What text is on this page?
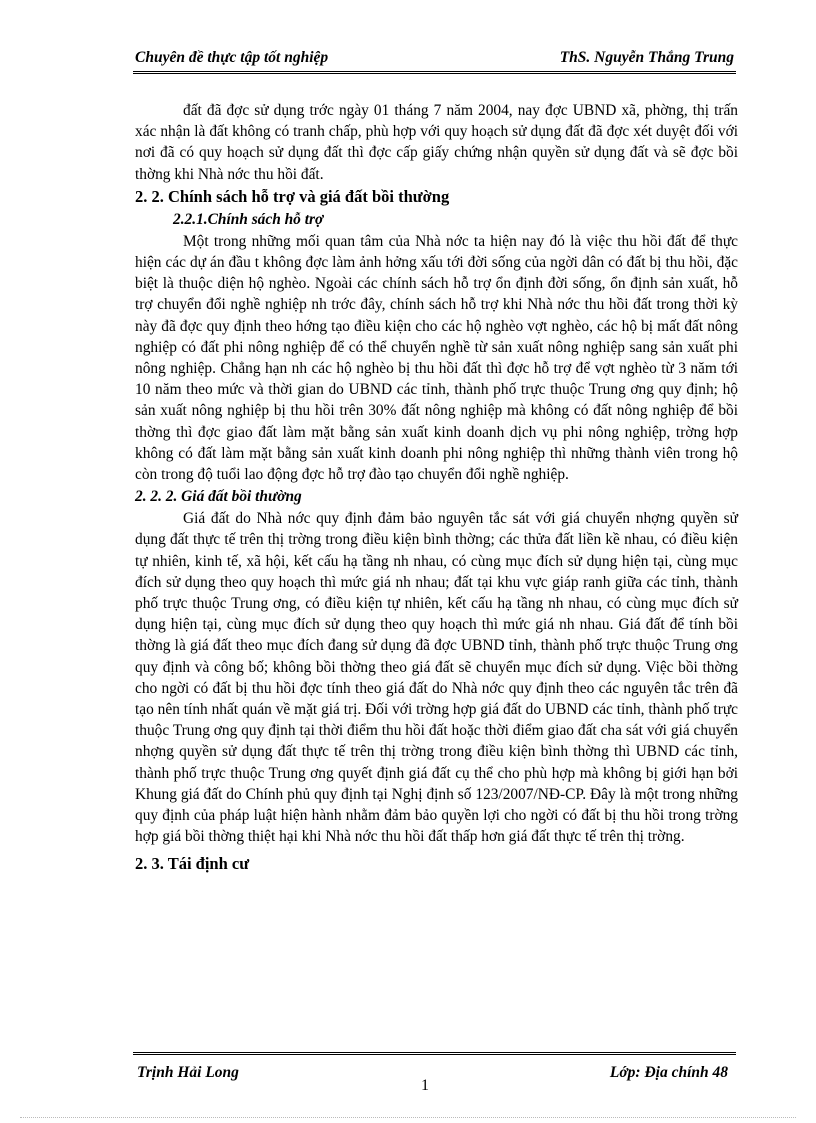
Chuyên đề thực tập tốt nghiệp	ThS. Nguyễn Thắng Trung

đất đã đợc sử dụng trớc ngày 01 tháng 7 năm 2004, nay đợc UBND xã, phờng, thị trấn xác nhận là đất không có tranh chấp, phù hợp với quy hoạch sử dụng đất đã đợc xét duyệt đối với nơi đã có quy hoạch sử dụng đất thì đợc cấp giấy chứng nhận quyền sử dụng đất và sẽ đợc bồi thờng khi Nhà nớc thu hồi đất.

2. 2. Chính sách hỗ trợ và giá đất bồi thường

2.2.1.Chính sách hỗ trợ

Một trong những mối quan tâm của Nhà nớc ta hiện nay đó là việc thu hồi đất để thực hiện các dự án đầu t không đợc làm ảnh hởng xấu tới đời sống của ngời dân có đất bị thu hồi, đặc biệt là thuộc diện hộ nghèo. Ngoài các chính sách hỗ trợ ổn định đời sống, ổn định sản xuất, hỗ trợ chuyển đổi nghề nghiệp nh trớc đây, chính sách hỗ trợ khi Nhà nớc thu hồi đất trong thời kỳ này đã đợc quy định theo hớng tạo điều kiện cho các hộ nghèo vợt nghèo, các hộ bị mất đất nông nghiệp có đất phi nông nghiệp để có thể chuyển nghề từ sản xuất nông nghiệp sang sản xuất phi nông nghiệp. Chẳng hạn nh các hộ nghèo bị thu hồi đất thì đợc hỗ trợ để vợt nghèo từ 3 năm tới 10 năm theo mức và thời gian do UBND các tỉnh, thành phố trực thuộc Trung ơng quy định; hộ sản xuất nông nghiệp bị thu hồi trên 30% đất nông nghiệp mà không có đất nông nghiệp để bồi thờng thì đợc giao đất làm mặt bằng sản xuất kinh doanh dịch vụ phi nông nghiệp, trờng hợp không có đất làm mặt bằng sản xuất kinh doanh phi nông nghiệp thì những thành viên trong hộ còn trong độ tuổi lao động đợc hỗ trợ đào tạo chuyển đổi nghề nghiệp.

2. 2. 2. Giá đất bồi thường

Giá đất do Nhà nớc quy định đảm bảo nguyên tắc sát với giá chuyển nhợng quyền sử dụng đất thực tế trên thị trờng trong điều kiện bình thờng; các thửa đất liền kề nhau, có điều kiện tự nhiên, kinh tế, xã hội, kết cấu hạ tầng nh nhau, có cùng mục đích sử dụng hiện tại, cùng mục đích sử dụng theo quy hoạch thì mức giá nh nhau; đất tại khu vực giáp ranh giữa các tỉnh, thành phố trực thuộc Trung ơng, có điều kiện tự nhiên, kết cấu hạ tầng nh nhau, có cùng mục đích sử dụng hiện tại, cùng mục đích sử dụng theo quy hoạch thì mức giá nh nhau. Giá đất để tính bồi thờng là giá đất theo mục đích đang sử dụng đã đợc UBND tỉnh, thành phố trực thuộc Trung ơng quy định và công bố; không bồi thờng theo giá đất sẽ chuyển mục đích sử dụng. Việc bồi thờng cho ngời có đất bị thu hồi đợc tính theo giá đất do Nhà nớc quy định theo các nguyên tắc trên đã tạo nên tính nhất quán về mặt giá trị. Đối với trờng hợp giá đất do UBND các tỉnh, thành phố trực thuộc Trung ơng quy định tại thời điểm thu hồi đất hoặc thời điểm giao đất cha sát với giá chuyển nhợng quyền sử dụng đất thực tế trên thị trờng trong điều kiện bình thờng thì UBND các tỉnh, thành phố trực thuộc Trung ơng quyết định giá đất cụ thể cho phù hợp mà không bị giới hạn bởi Khung giá đất do Chính phủ quy định tại Nghị định số 123/2007/NĐ-CP. Đây là một trong những quy định của pháp luật hiện hành nhằm đảm bảo quyền lợi cho ngời có đất bị thu hồi trong trờng hợp giá bồi thờng thiệt hại khi Nhà nớc thu hồi đất thấp hơn giá đất thực tế trên thị trờng.

2. 3. Tái định cư

Trịnh Hải Long	Lớp: Địa chính 48
1
